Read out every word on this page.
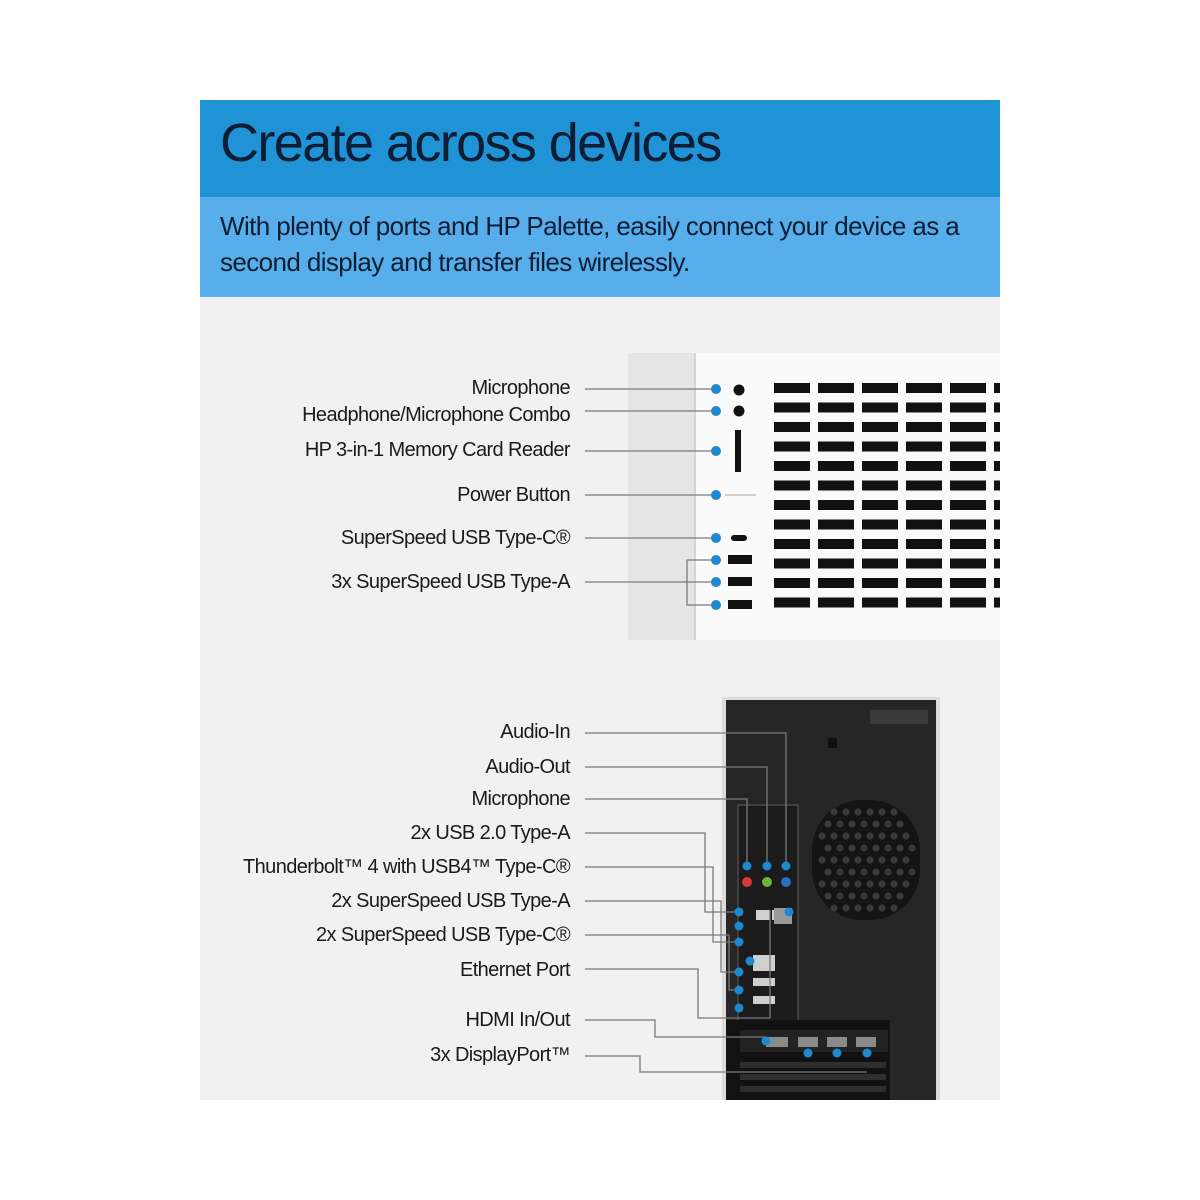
Create across devices

With plenty of ports and HP Palette, easily connect your device as a second display and transfer files wirelessly.

Microphone
Headphone/Microphone Combo
HP 3-in-1 Memory Card Reader
Power Button
SuperSpeed USB Type-C®
3x SuperSpeed USB Type-A
Audio-In
Audio-Out
Microphone
2x USB 2.0 Type-A
Thunderbolt™ 4 with USB4™ Type-C®
2x SuperSpeed USB Type-A
2x SuperSpeed USB Type-C®
Ethernet Port
HDMI In/Out
3x DisplayPort™
